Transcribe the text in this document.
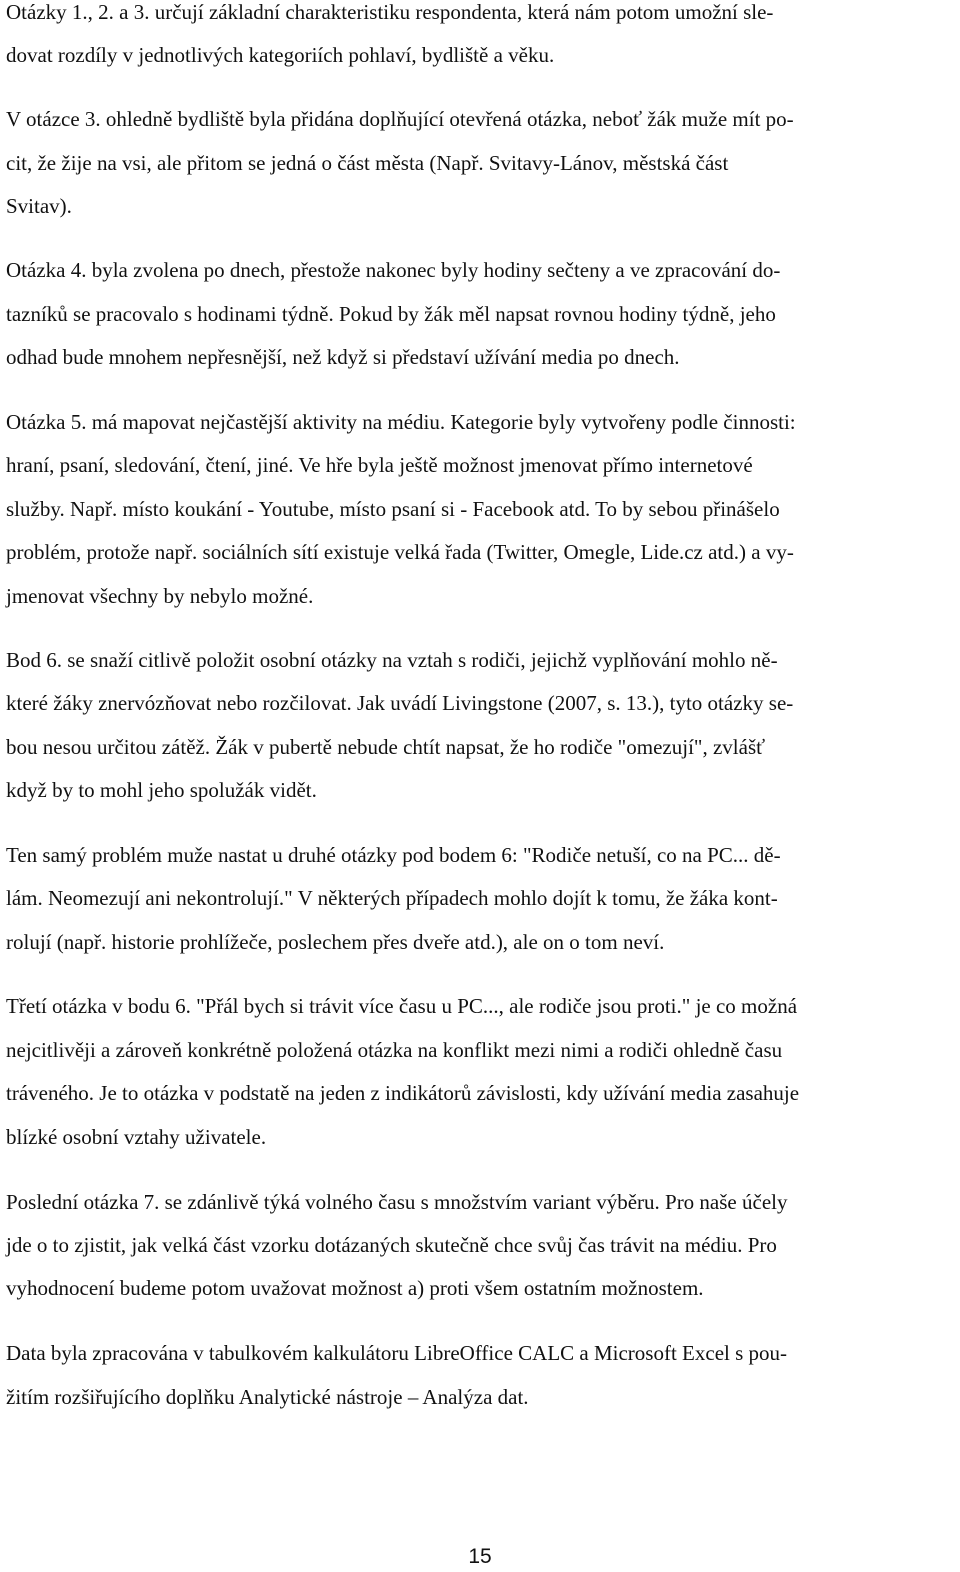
Otázky 1., 2. a 3. určují základní charakteristiku respondenta, která nám potom umožní sle-
dovat rozdíly v jednotlivých kategoriích pohlaví, bydliště a věku.
V otázce 3. ohledně bydliště byla přidána doplňující otevřená otázka, neboť žák muže mít po-
cit, že žije na vsi, ale přitom se jedná o část města (Např. Svitavy-Lánov, městská část
Svitav).
Otázka 4. byla zvolena po dnech, přestože nakonec byly hodiny sečteny a ve zpracování do-
tazníků se pracovalo s hodinami týdně. Pokud by žák měl napsat rovnou hodiny týdně, jeho
odhad bude mnohem nepřesnější, než když si představí užívání media po dnech.
Otázka 5. má mapovat nejčastější aktivity na médiu. Kategorie byly vytvořeny podle činnosti:
hraní, psaní, sledování, čtení, jiné. Ve hře byla ještě možnost jmenovat přímo internetové
služby. Např. místo koukání - Youtube, místo psaní si - Facebook atd. To by sebou přinášelo
problém, protože např. sociálních sítí existuje velká řada (Twitter, Omegle, Lide.cz atd.) a vy-
jmenovat všechny by nebylo možné.
Bod 6. se snaží citlivě položit osobní otázky na vztah s rodiči, jejichž vyplňování mohlo ně-
které žáky znervózňovat nebo rozčilovat. Jak uvádí Livingstone (2007, s. 13.), tyto otázky se-
bou nesou určitou zátěž. Žák v pubertě nebude chtít napsat, že ho rodiče "omezují", zvlášť
když by to mohl jeho spolužák vidět.
Ten samý problém muže nastat u druhé otázky pod bodem 6: "Rodiče netuší, co na PC... dě-
lám. Neomezují ani nekontrolují." V některých případech mohlo dojít k tomu, že žáka kont-
rolují (např. historie prohlížeče, poslechem přes dveře atd.), ale on o tom neví.
Třetí otázka v bodu 6. "Přál bych si trávit více času u PC..., ale rodiče jsou proti." je co možná
nejcitlivěji a zároveň konkrétně položená otázka na konflikt mezi nimi a rodiči ohledně času
tráveného. Je to otázka v podstatě na jeden z indikátorů závislosti, kdy užívání media zasahuje
blízké osobní vztahy uživatele.
Poslední otázka 7. se zdánlivě týká volného času s množstvím variant výběru. Pro naše účely
jde o to zjistit, jak velká část vzorku dotázaných skutečně chce svůj čas trávit na médiu. Pro
vyhodnocení budeme potom uvažovat možnost a) proti všem ostatním možnostem.
Data byla zpracována v tabulkovém kalkulátoru LibreOffice CALC a Microsoft Excel s pou-
žitím rozšiřujícího doplňku Analytické nástroje – Analýza dat.
15
